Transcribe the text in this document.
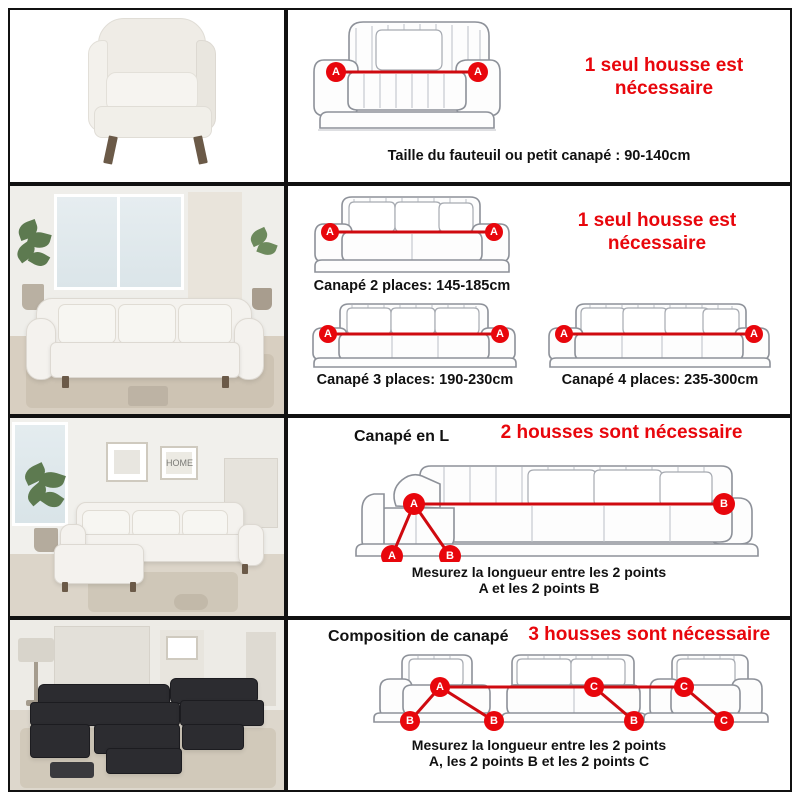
A	A	1 seul housse est nécessaire
Taille du fauteuil ou petit canapé : 90-140cm
A	A
1 seul housse est nécessaire
Canapé 2 places: 145-185cm
A	A
Canapé 3 places: 190-230cm
A	A
Canapé 4 places: 235-300cm
HOME
Canapé en L	2 housses sont nécessaire
A
A	B
B
Mesurez la longueur entre les 2 points
A et les 2 points B
Composition de canapé 3 housses sont nécessaire
A
B	B
C
B
C
C
Mesurez la longueur entre les 2 points
A, les 2 points B et les 2 points C
